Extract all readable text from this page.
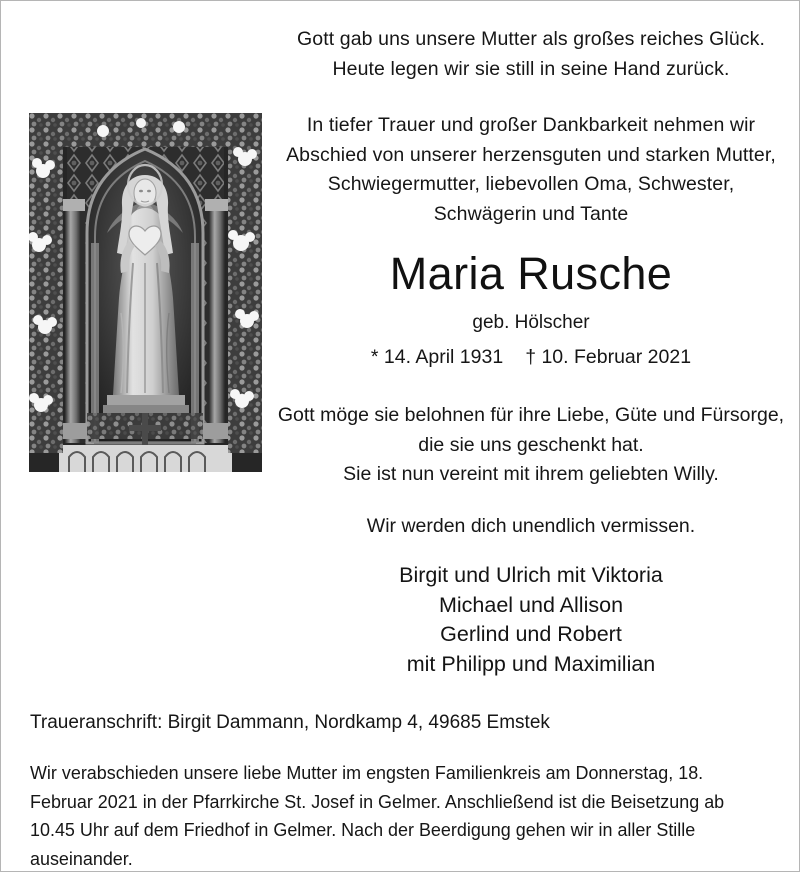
Gott gab uns unsere Mutter als großes reiches Glück.
Heute legen wir sie still in seine Hand zurück.
In tiefer Trauer und großer Dankbarkeit nehmen wir
Abschied von unserer herzensguten und starken Mutter,
Schwiegermutter, liebevollen Oma, Schwester,
Schwägerin und Tante
Maria Rusche
geb. Hölscher
* 14. April 1931 † 10. Februar 2021
Gott möge sie belohnen für ihre Liebe, Güte und Fürsorge,
die sie uns geschenkt hat.
Sie ist nun vereint mit ihrem geliebten Willy.
Wir werden dich unendlich vermissen.
Birgit und Ulrich mit Viktoria
Michael und Allison
Gerlind und Robert
mit Philipp und Maximilian
Traueranschrift: Birgit Dammann, Nordkamp 4, 49685 Emstek

Wir verabschieden unsere liebe Mutter im engsten Familienkreis am Donnerstag, 18. Februar 2021 in der Pfarrkirche St. Josef in Gelmer. Anschließend ist die Beisetzung ab 10.45 Uhr auf dem Friedhof in Gelmer. Nach der Beerdigung gehen wir in aller Stille auseinander.
